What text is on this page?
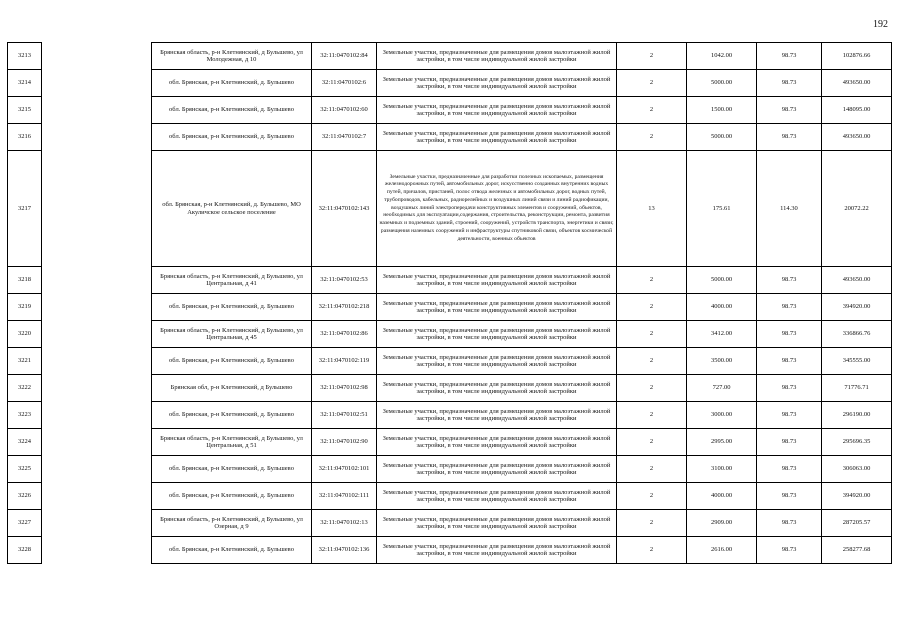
192
3213		Брянская область, р-н Клетнянский, д Бульшево, ул Молодежная, д 10	32:11:0470102:84	Земельные участки, предназначенные для размещения домов малоэтажной жилой застройки, в том числе индивидуальной жилой застройки	2	1042.00	98.73	102876.66
3214		обл. Брянская, р-н Клетнянский, д. Бульшево	32:11:0470102:6	Земельные участки, предназначенные для размещения домов малоэтажной жилой застройки, в том числе индивидуальной жилой застройки	2	5000.00	98.73	493650.00
3215		обл. Брянская, р-н Клетнянский, д. Бульшево	32:11:0470102:60	Земельные участки, предназначенные для размещения домов малоэтажной жилой застройки, в том числе индивидуальной жилой застройки	2	1500.00	98.73	148095.00
3216		обл. Брянская, р-н Клетнянский, д. Бульшево	32:11:0470102:7	Земельные участки, предназначенные для размещения домов малоэтажной жилой застройки, в том числе индивидуальной жилой застройки	2	5000.00	98.73	493650.00
3217		обл. Брянская, р-н Клетнянский, д. Бульшево, МО Акуличское сельское поселение	32:11:0470102:143	Земельные участки, предназначенные для разработки полезных ископаемых, размещения железнодорожных путей, автомобильных дорог, искусственно созданных внутренних водных путей, причалов, пристаней, полос отвода железных и автомобильных дорог, водных путей, трубопроводов, кабельных, радиорелейных и воздушных линий связи и линий радиофикации, воздушных линий электропередачи конструктивных элементов и сооружений, объектов, необходимых для эксплуатации,содержания, строительства, реконструкции, ремонта, развития наземных и подземных зданий, строений, сооружений, устройств транспорта, энергетики и связи; размещения наземных сооружений и инфраструктуры спутниковой связи, объектов космической деятельности, военных объектов	13	175.61	114.30	20072.22
3218		Брянская область, р-н Клетнянский, д Бульшево, ул Центральная, д 41	32:11:0470102:53	Земельные участки, предназначенные для размещения домов малоэтажной жилой застройки, в том числе индивидуальной жилой застройки	2	5000.00	98.73	493650.00
3219		обл. Брянская, р-н Клетнянский, д. Бульшево	32:11:0470102:218	Земельные участки, предназначенные для размещения домов малоэтажной жилой застройки, в том числе индивидуальной жилой застройки	2	4000.00	98.73	394920.00
3220		Брянская область, р-н Клетнянский, д Бульшево, ул Центральная, д 45	32:11:0470102:86	Земельные участки, предназначенные для размещения домов малоэтажной жилой застройки, в том числе индивидуальной жилой застройки	2	3412.00	98.73	336866.76
3221		обл. Брянская, р-н Клетнянский, д. Бульшево	32:11:0470102:119	Земельные участки, предназначенные для размещения домов малоэтажной жилой застройки, в том числе индивидуальной жилой застройки	2	3500.00	98.73	345555.00
3222		Брянская обл, р-н Клетнянский, д Бульшево	32:11:0470102:98	Земельные участки, предназначенные для размещения домов малоэтажной жилой застройки, в том числе индивидуальной жилой застройки	2	727.00	98.73	71776.71
3223		обл. Брянская, р-н Клетнянский, д. Бульшево	32:11:0470102:51	Земельные участки, предназначенные для размещения домов малоэтажной жилой застройки, в том числе индивидуальной жилой застройки	2	3000.00	98.73	296190.00
3224		Брянская область, р-н Клетнянский, д Бульшево, ул Центральная, д 51	32:11:0470102:90	Земельные участки, предназначенные для размещения домов малоэтажной жилой застройки, в том числе индивидуальной жилой застройки	2	2995.00	98.73	295696.35
3225		обл. Брянская, р-н Клетнянский, д. Бульшево	32:11:0470102:101	Земельные участки, предназначенные для размещения домов малоэтажной жилой застройки, в том числе индивидуальной жилой застройки	2	3100.00	98.73	306063.00
3226		обл. Брянская, р-н Клетнянский, д. Бульшево	32:11:0470102:111	Земельные участки, предназначенные для размещения домов малоэтажной жилой застройки, в том числе индивидуальной жилой застройки	2	4000.00	98.73	394920.00
3227		Брянская область, р-н Клетнянский, д Бульшево, ул Озерная, д 9	32:11:0470102:13	Земельные участки, предназначенные для размещения домов малоэтажной жилой застройки, в том числе индивидуальной жилой застройки	2	2909.00	98.73	287205.57
3228		обл. Брянская, р-н Клетнянский, д. Бульшево	32:11:0470102:136	Земельные участки, предназначенные для размещения домов малоэтажной жилой застройки, в том числе индивидуальной жилой застройки	2	2616.00	98.73	258277.68
